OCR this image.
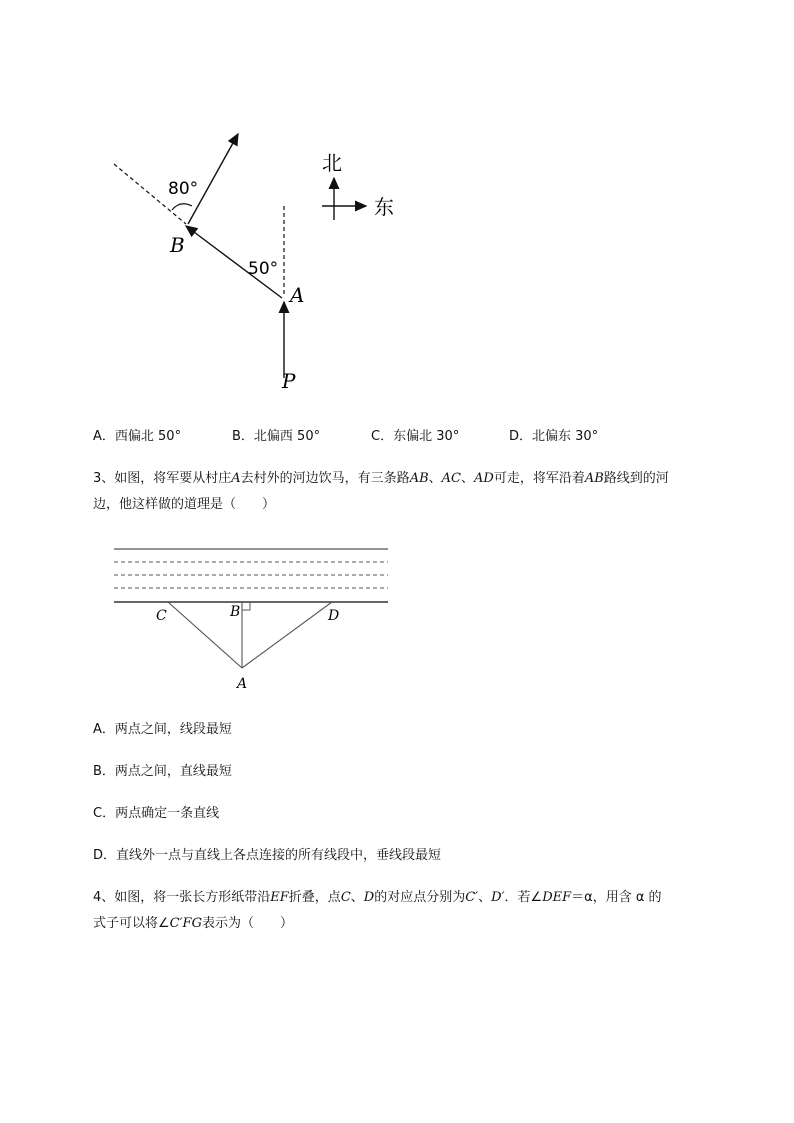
80°
50°
B
A
P
北
东
A．西偏北 50°	B．北偏西 50°	C．东偏北 30°	D．北偏东 30°
3、如图，将军要从村庄A去村外的河边饮马，有三条路AB、AC、AD可走，将军沿着AB路线到的河
边，他这样做的道理是（　　）
C	B	D
A
A．两点之间，线段最短
B．两点之间，直线最短
C．两点确定一条直线
D．直线外一点与直线上各点连接的所有线段中，垂线段最短
4、如图，将一张长方形纸带沿EF折叠，点C、D的对应点分别为C′、D′．若∠DEF＝α，用含 α 的
式子可以将∠C′FG表示为（　　）
